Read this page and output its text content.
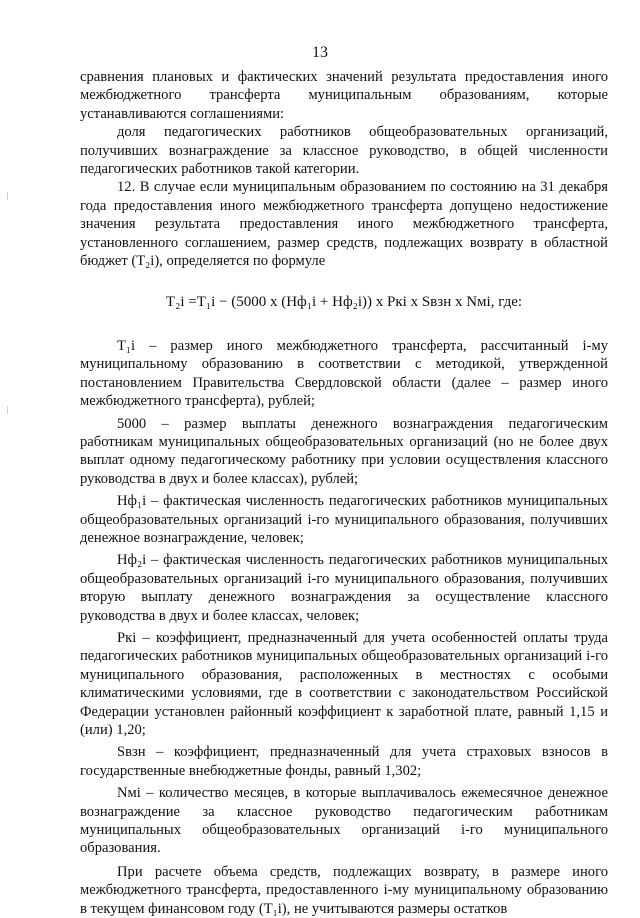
13

сравнения плановых и фактических значений результата предоставления иного межбюджетного трансферта муниципальным образованиям, которые устанавливаются соглашениями:

доля педагогических работников общеобразовательных организаций, получивших вознаграждение за классное руководство, в общей численности педагогических работников такой категории.

12. В случае если муниципальным образованием по состоянию на 31 декабря года предоставления иного межбюджетного трансферта допущено недостижение значения результата предоставления иного межбюджетного трансферта, установленного соглашением, размер средств, подлежащих возврату в областной бюджет (T₂i), определяется по формуле

T₂i =T₁i − (5000 x (Нф₁i + Нф₂i)) x Pкi x Sвзн x Nмi, где:

T₁i – размер иного межбюджетного трансферта, рассчитанный i-му муниципальному образованию в соответствии с методикой, утвержденной постановлением Правительства Свердловской области (далее – размер иного межбюджетного трансферта), рублей;

5000 – размер выплаты денежного вознаграждения педагогическим работникам муниципальных общеобразовательных организаций (но не более двух выплат одному педагогическому работнику при условии осуществления классного руководства в двух и более классах), рублей;

Нф₁i – фактическая численность педагогических работников муниципальных общеобразовательных организаций i-го муниципального образования, получивших денежное вознаграждение, человек;

Нф₂i – фактическая численность педагогических работников муниципальных общеобразовательных организаций i-го муниципального образования, получивших вторую выплату денежного вознаграждения за осуществление классного руководства в двух и более классах, человек;

Pкi – коэффициент, предназначенный для учета особенностей оплаты труда педагогических работников муниципальных общеобразовательных организаций i-го муниципального образования, расположенных в местностях с особыми климатическими условиями, где в соответствии с законодательством Российской Федерации установлен районный коэффициент к заработной плате, равный 1,15 и (или) 1,20;

Sвзн – коэффициент, предназначенный для учета страховых взносов в государственные внебюджетные фонды, равный 1,302;

Nмi – количество месяцев, в которые выплачивалось ежемесячное денежное вознаграждение за классное руководство педагогическим работникам муниципальных общеобразовательных организаций i-го муниципального образования.

При расчете объема средств, подлежащих возврату, в размере иного межбюджетного трансферта, предоставленного i-му муниципальному образованию в текущем финансовом году (T₁i), не учитываются размеры остатков
